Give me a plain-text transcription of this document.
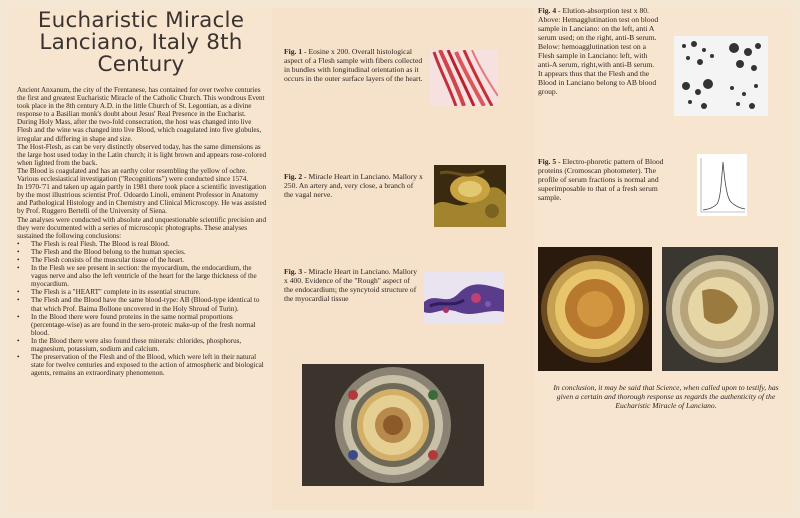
Eucharistic Miracle
Lanciano, Italy 8th Century

Ancient Anxanum, the city of the Frentanese, has contained for over twelve centuries the first and greatest Eucharistic Miracle of the Catholic Church. This wondrous Event took place in the 8th century A.D. in the little Church of St. Legontian, as a divine response to a Basilian monk's doubt about Jesus' Real Presence in the Eucharist.

During Holy Mass, after the two-fold consecration, the host was changed into live Flesh and the wine was changed into live Blood, which coagulated into five globules, irregular and differing in shape and size.

The Host-Flesh, as can be very distinctly observed today, has the same dimensions as the large host used today in the Latin church; it is light brown and appears rose-colored when lighted from the back.

The Blood is coagulated and has an earthy color resembling the yellow of ochre.

Various ecclesiastical investigation ("Recognitions") were conducted since 1574.

In 1970-'71 and taken up again partly in 1981 there took place a scientific investigation by the most illustrious scientist Prof. Odoardo Linoli, eminent Professor in Anatomy and Pathological Histology and in Chemistry and Clinical Microscopy. He was assisted by Prof. Ruggero Bertelli of the University of Siena.

The analyses were conducted with absolute and unquestionable scientific precision and they were documented with a series of microscopic photographs. These analyses sustained the following conclusions:

•	The Flesh is real Flesh. The Blood is real Blood.
•	The Flesh and the Blood belong to the human species.
•	The Flesh consists of the muscular tissue of the heart.
•	In the Flesh we see present in section: the myocardium, the endocardium, the vagus nerve and also the left ventricle of the heart for the large thickness of the myocardium.
•	The Flesh is a "HEART" complete in its essential structure.
•	The Flesh and the Blood have the same blood-type: AB (Blood-type identical to that which Prof. Baima Bollone uncovered in the Holy Shroud of Turin).
•	In the Blood there were found proteins in the same normal proportions (percentage-wise) as are found in the sero-proteic make-up of the fresh normal blood.
•	In the Blood there were also found these minerals: chlorides, phosphorus, magnesium, potassium, sodium and calcium.
•	The preservation of the Flesh and of the Blood, which were left in their natural state for twelve centuries and exposed to the action of atmospheric and biological agents, remains an extraordinary phenomenon.
Fig. 1 - Eosine x 200. Overall histological aspect of a Flesh sample with fibers collected in bundles with longitudinal orientation as it occurs in the outer surface layers of the heart.
Fig. 2 - Miracle Heart in Lanciano. Mallory x 250. An artery and, very close, a branch of the vagal nerve.
Fig. 3 - Miracle Heart in Lanciano. Mallory x 400. Evidence of the "Rough" aspect of the endocardium; the syncytoid structure of the myocardial tissue
Fig. 4 - Elution-absorption test x 80. Above: Hemagglutination test on blood sample in Lanciano: on the left, anti A serum used; on the right, anti-B serum. Below: hemoagglutination test on a Flesh sample in Lanciano: left, with anti-A serum, right,with anti-B serum. It appears thus that the Flesh and the Blood in Lanciano belong to AB blood group.
Fig. 5 - Electro-phoretic pattern of Blood proteins (Cromoscan photometer). The profile of serum fractions is normal and superimposable to that of a fresh serum sample.
In conclusion, it may be said that Science, when called upon to testify, has given a certain and thorough response as regards the authenticity of the Eucharistic Miracle of Lanciano.
